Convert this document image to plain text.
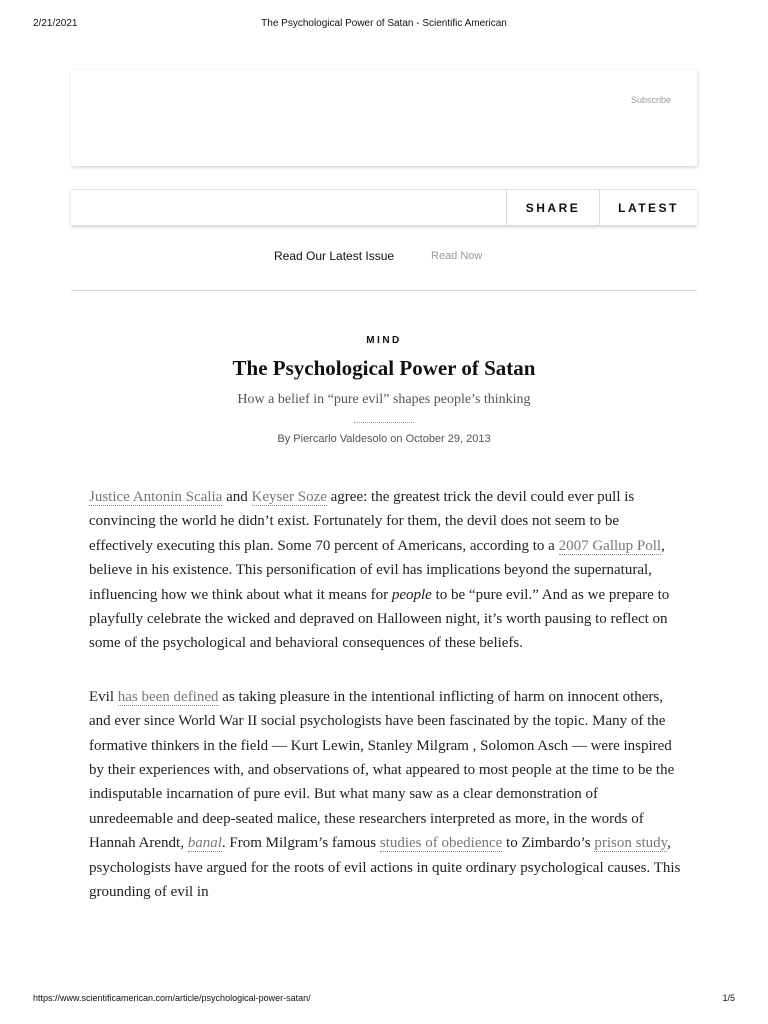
2/21/2021	The Psychological Power of Satan - Scientific American
Subscribe
SHARE	LATEST
Read Our Latest Issue	Read Now
MIND
The Psychological Power of Satan
How a belief in “pure evil” shapes people’s thinking
By Piercarlo Valdesolo on October 29, 2013

Justice Antonin Scalia and Keyser Soze agree: the greatest trick the devil could ever pull is convincing the world he didn’t exist. Fortunately for them, the devil does not seem to be effectively executing this plan. Some 70 percent of Americans, according to a 2007 Gallup Poll, believe in his existence. This personification of evil has implications beyond the supernatural, influencing how we think about what it means for people to be “pure evil.” And as we prepare to playfully celebrate the wicked and depraved on Halloween night, it’s worth pausing to reflect on some of the psychological and behavioral consequences of these beliefs.

Evil has been defined as taking pleasure in the intentional inflicting of harm on innocent others, and ever since World War II social psychologists have been fascinated by the topic. Many of the formative thinkers in the field — Kurt Lewin, Stanley Milgram , Solomon Asch — were inspired by their experiences with, and observations of, what appeared to most people at the time to be the indisputable incarnation of pure evil. But what many saw as a clear demonstration of unredeemable and deep-seated malice, these researchers interpreted as more, in the words of Hannah Arendt, banal. From Milgram’s famous studies of obedience to Zimbardo’s prison study, psychologists have argued for the roots of evil actions in quite ordinary psychological causes. This grounding of evil in

https://www.scientificamerican.com/article/psychological-power-satan/	1/5
